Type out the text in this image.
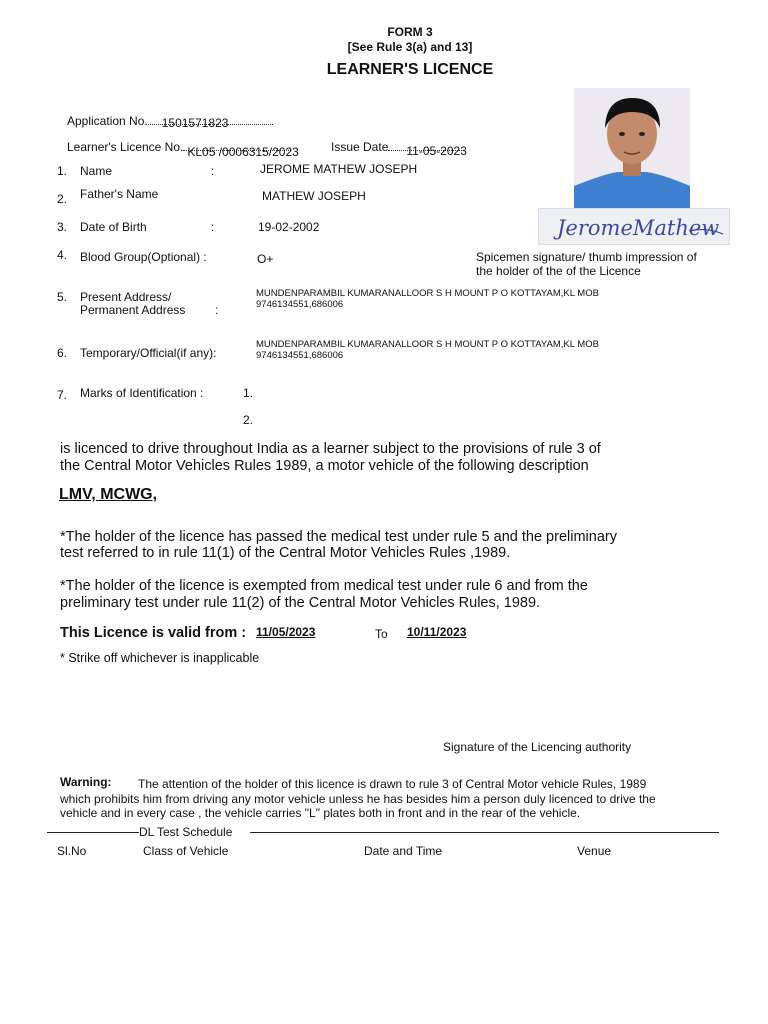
FORM 3
[See Rule 3(a) and 13]
LEARNER'S LICENCE
Application No. 1501571823
Learner's Licence No. KL05 /0006315/2023	Issue Date 11-05-2023
JeromeMathew
1. Name	:	JEROME MATHEW JOSEPH
2. Father's Name	MATHEW JOSEPH
3. Date of Birth	:	19-02-2002
4. Blood Group(Optional) :	O+	Spicemen signature/ thumb impression of
the holder of the of the Licence
5. Present Address/
Permanent Address :
MUNDENPARAMBIL KUMARANALLOOR S H MOUNT P O KOTTAYAM,KL MOB
9746134551,686006
6. Temporary/Official(if any):
MUNDENPARAMBIL KUMARANALLOOR S H MOUNT P O KOTTAYAM,KL MOB
9746134551,686006
7. Marks of Identification :	1.
2.
is licenced to drive throughout India as a learner subject to the provisions of rule 3 of
the Central Motor Vehicles Rules 1989, a motor vehicle of the following description
LMV, MCWG,
*The holder of the licence has passed the medical test under rule 5 and the preliminary
test referred to in rule 11(1) of the Central Motor Vehicles Rules ,1989.
*The holder of the licence is exempted from medical test under rule 6 and from the
preliminary test under rule 11(2) of the Central Motor Vehicles Rules, 1989.
This Licence is valid from : 11/05/2023	To 10/11/2023
* Strike off whichever is inapplicable
Signature of the Licencing authority
Warning: The attention of the holder of this licence is drawn to rule 3 of Central Motor vehicle Rules, 1989
which prohibits him from driving any motor vehicle unless he has besides him a person duly licenced to drive the
vehicle and in every case , the vehicle carries "L" plates both in front and in the rear of the vehicle.
DL Test Schedule
Sl.No	Class of Vehicle	Date and Time	Venue
